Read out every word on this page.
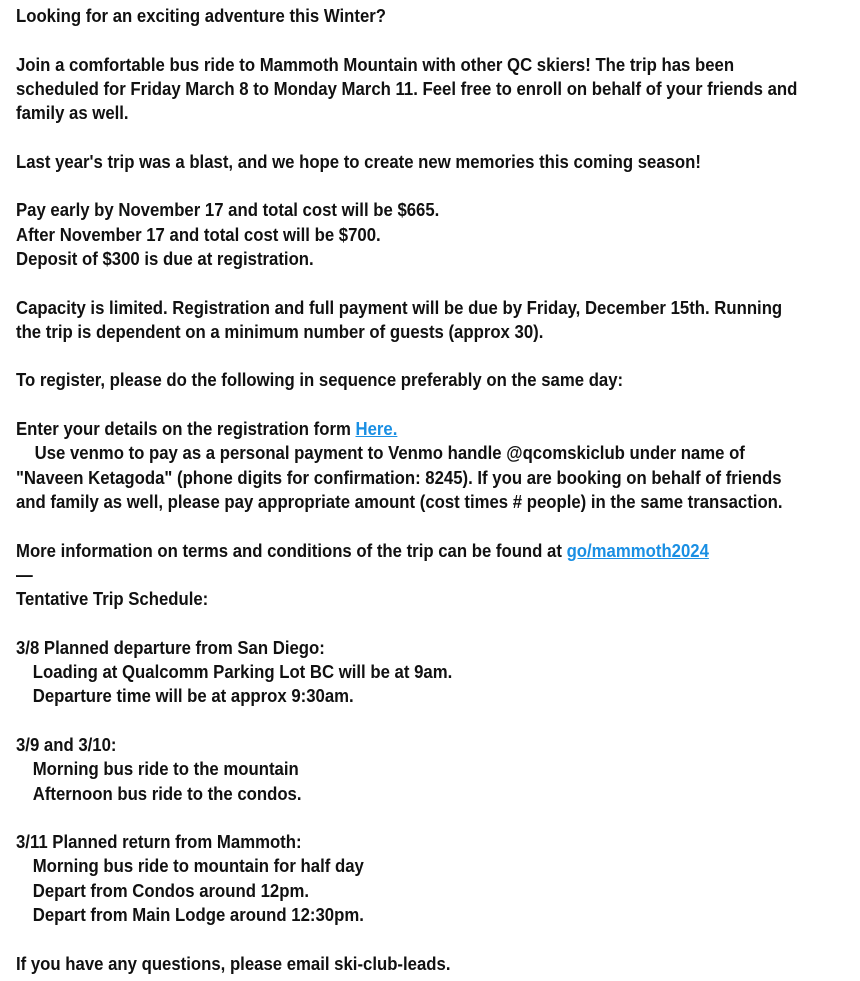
Looking for an exciting adventure this Winter?
Join a comfortable bus ride to Mammoth Mountain with other QC skiers! The trip has been
scheduled for Friday March 8 to Monday March 11. Feel free to enroll on behalf of your friends and
family as well.
Last year's trip was a blast, and we hope to create new memories this coming season!
Pay early by November 17 and total cost will be $665.
After November 17 and total cost will be $700.
Deposit of $300 is due at registration.
Capacity is limited. Registration and full payment will be due by Friday, December 15th. Running
the trip is dependent on a minimum number of guests (approx 30).
To register, please do the following in sequence preferably on the same day:
Enter your details on the registration form Here.
Use venmo to pay as a personal payment to Venmo handle @qcomskiclub under name of
"Naveen Ketagoda" (phone digits for confirmation: 8245). If you are booking on behalf of friends
and family as well, please pay appropriate amount (cost times # people) in the same transaction.
More information on terms and conditions of the trip can be found at go/mammoth2024
—
Tentative Trip Schedule:
3/8 Planned departure from San Diego:
Loading at Qualcomm Parking Lot BC will be at 9am.
Departure time will be at approx 9:30am.
3/9 and 3/10:
Morning bus ride to the mountain
Afternoon bus ride to the condos.
3/11 Planned return from Mammoth:
Morning bus ride to mountain for half day
Depart from Condos around 12pm.
Depart from Main Lodge around 12:30pm.
If you have any questions, please email ski-club-leads.
